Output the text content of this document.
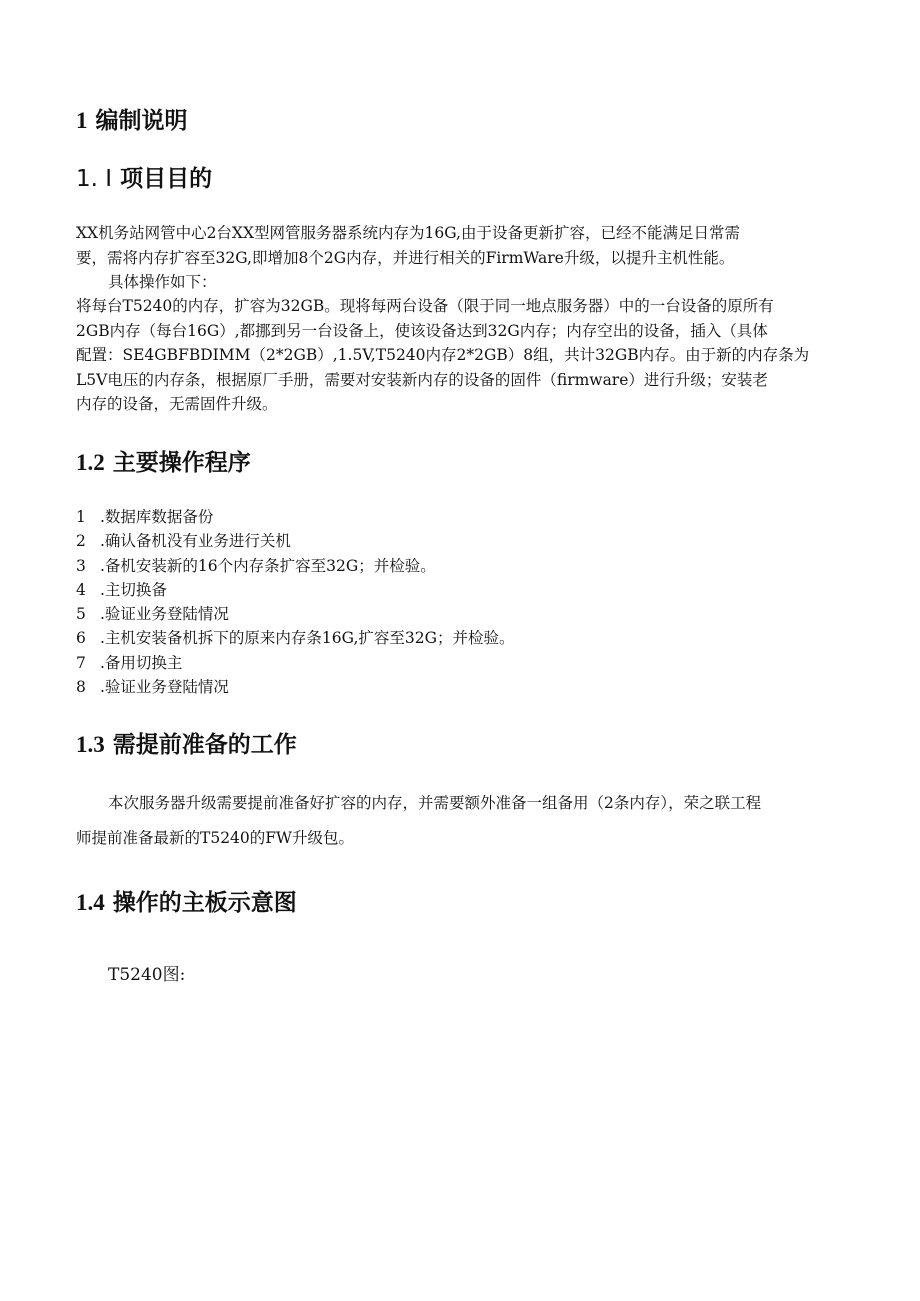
1 编制说明
1. I 项目目的

XX机务站网管中心2台XX型网管服务器系统内存为16G,由于设备更新扩容，已经不能满足日常需

要，需将内存扩容至32G,即增加8个2G内存，并进行相关的FirmWare升级，以提升主机性能。

具体操作如下：

将每台T5240的内存，扩容为32GB。现将每两台设备（限于同一地点服务器）中的一台设备的原所有

2GB内存（每台16G）,都挪到另一台设备上，使该设备达到32G内存；内存空出的设备，插入（具体

配置：SE4GBFBDIMM（2*2GB）,1.5V,T5240内存2*2GB）8组，共计32GB内存。由于新的内存条为

L5V电压的内存条，根据原厂手册，需要对安装新内存的设备的固件（firmware）进行升级；安装老

内存的设备，无需固件升级。

1.2 主要操作程序
1 .数据库数据备份
2 .确认备机没有业务进行关机
3 .备机安装新的16个内存条扩容至32G；并检验。
4 .主切换备
5 .验证业务登陆情况
6 .主机安装备机拆下的原来内存条16G,扩容至32G；并检验。
7 .备用切换主
8 .验证业务登陆情况
1.3 需提前准备的工作

本次服务器升级需要提前准备好扩容的内存，并需要额外准备一组备用（2条内存），荣之联工程

师提前准备最新的T5240的FW升级包。

1.4 操作的主板示意图

T5240图:
